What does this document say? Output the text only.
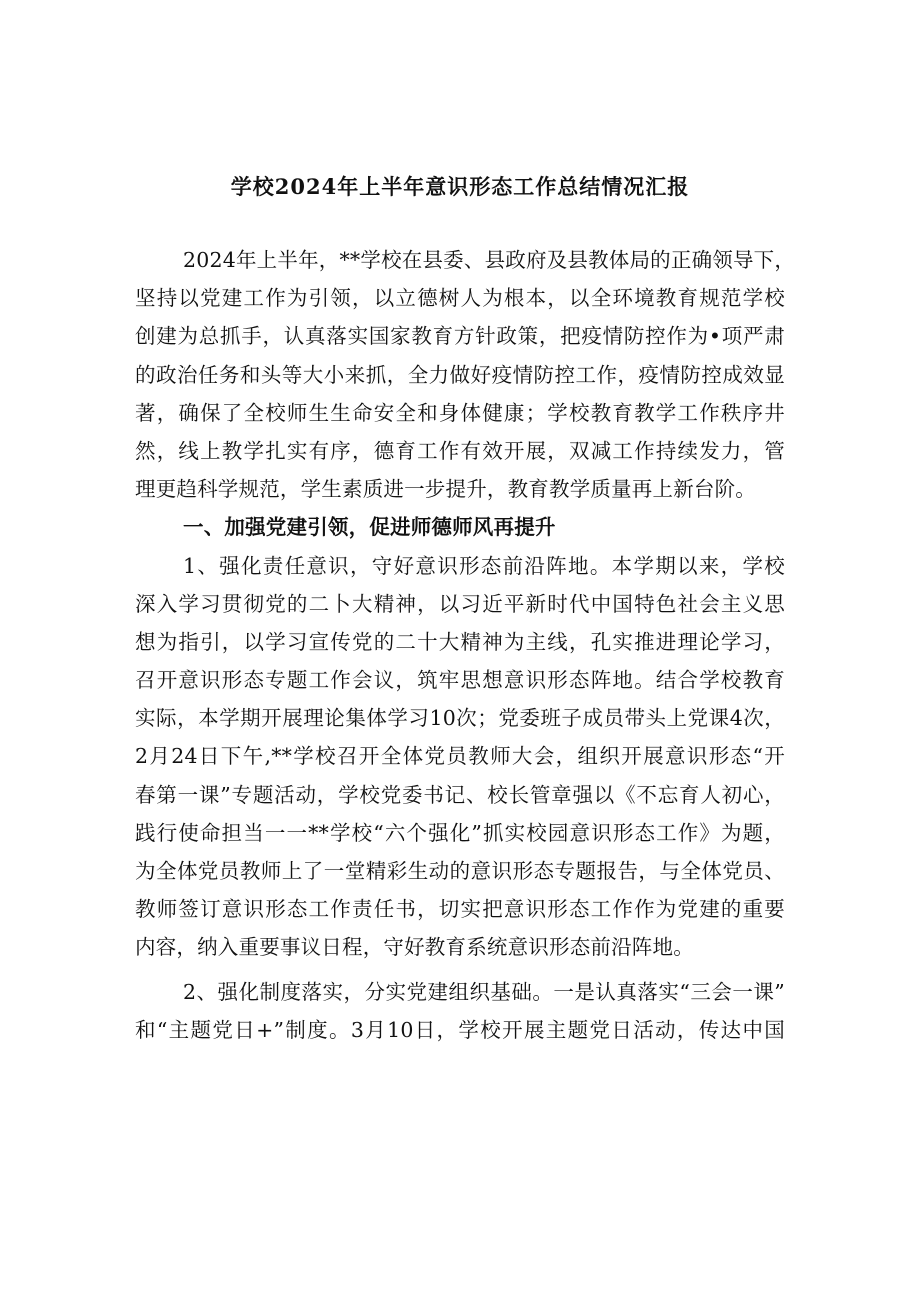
学校2024年上半年意识形态工作总结情况汇报
2024年上半年，**学校在县委、县政府及县教体局的正确领导下，
坚持以党建工作为引领，以立德树人为根本，以全环境教育规范学校
创建为总抓手，认真落实国家教育方针政策，把疫情防控作为•项严肃
的政治任务和头等大小来抓，全力做好疫情防控工作，疫情防控成效显
著，确保了全校师生生命安全和身体健康；学校教育教学工作秩序井
然，线上教学扎实有序，德育工作有效开展，双减工作持续发力，管
理更趋科学规范，学生素质进一步提升，教育教学质量再上新台阶。
一、加强党建引领，促进师德师风再提升
1、强化责任意识，守好意识形态前沿阵地。本学期以来，学校
深入学习贯彻党的二卜大精神，以习近平新时代中国特色社会主义思
想为指引，以学习宣传党的二十大精神为主线，孔实推进理论学习，
召开意识形态专题工作会议，筑牢思想意识形态阵地。结合学校教育
实际，本学期开展理论集体学习10次；党委班子成员带头上党课4次，
2月24日下午,**学校召开全体党员教师大会，组织开展意识形态“开
春第一课”专题活动，学校党委书记、校长管章强以《不忘育人初心，
践行使命担当一一**学校“六个强化”抓实校园意识形态工作》为题，
为全体党员教师上了一堂精彩生动的意识形态专题报告，与全体党员、
教师签订意识形态工作责任书，切实把意识形态工作作为党建的重要
内容，纳入重要事议日程，守好教育系统意识形态前沿阵地。
2、强化制度落实，分实党建组织基础。一是认真落实“三会一课”
和“主题党日+”制度。3月10日，学校开展主题党日活动，传达中国
